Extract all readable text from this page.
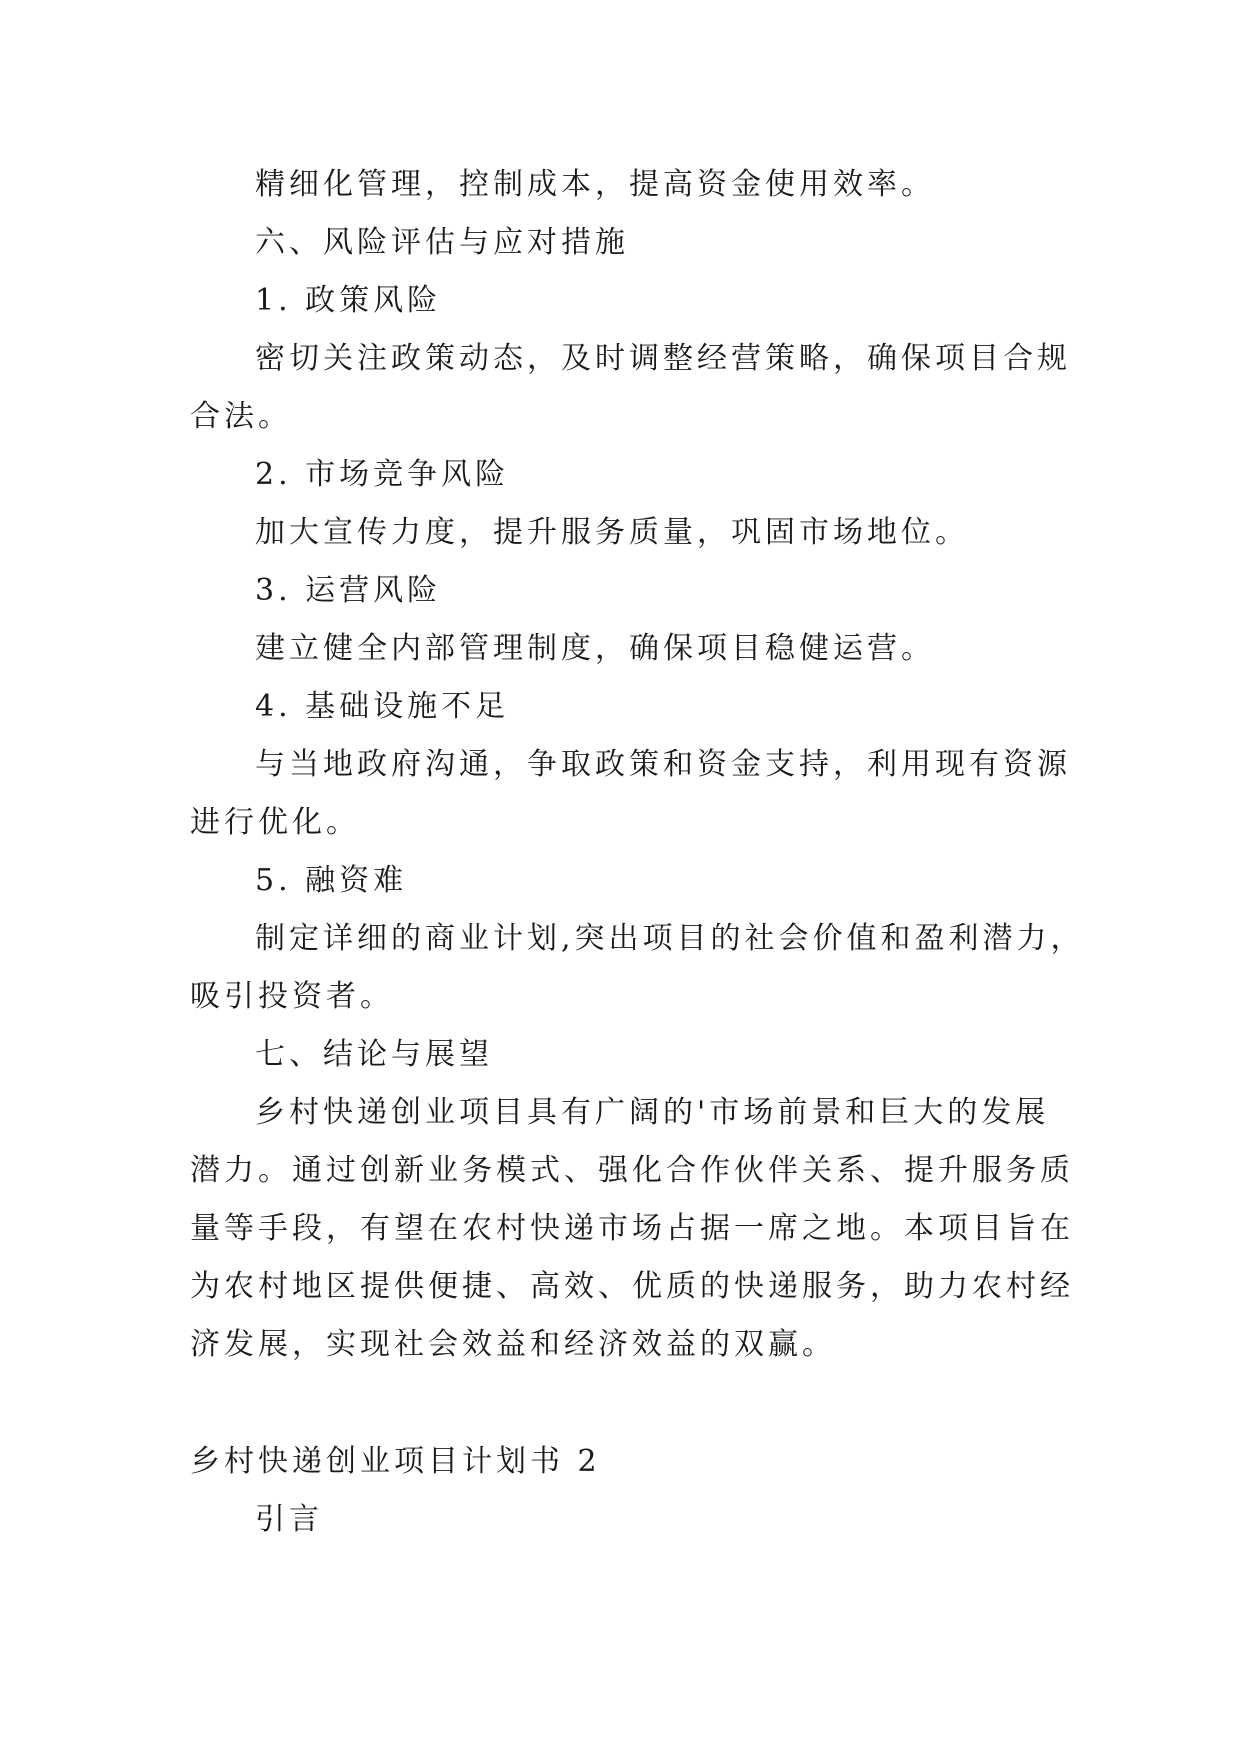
精细化管理，控制成本，提高资金使用效率。
六、风险评估与应对措施
1. 政策风险
密切关注政策动态，及时调整经营策略，确保项目合规
合法。
2. 市场竞争风险
加大宣传力度，提升服务质量，巩固市场地位。
3. 运营风险
建立健全内部管理制度，确保项目稳健运营。
4. 基础设施不足
与当地政府沟通，争取政策和资金支持，利用现有资源
进行优化。
5. 融资难
制定详细的商业计划,突出项目的社会价值和盈利潜力，
吸引投资者。
七、结论与展望
乡村快递创业项目具有广阔的'市场前景和巨大的发展
潜力。通过创新业务模式、强化合作伙伴关系、提升服务质
量等手段，有望在农村快递市场占据一席之地。本项目旨在
为农村地区提供便捷、高效、优质的快递服务，助力农村经
济发展，实现社会效益和经济效益的双赢。
乡村快递创业项目计划书 2
引言
